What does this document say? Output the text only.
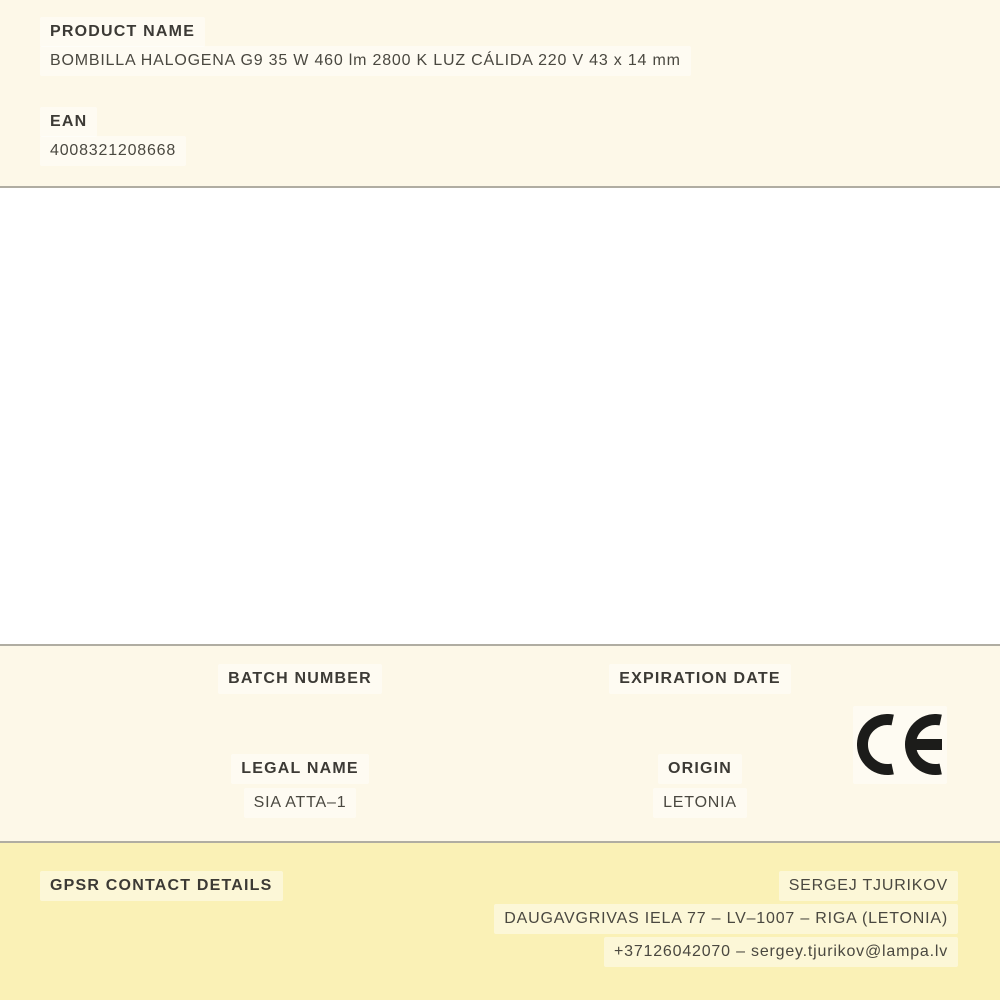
PRODUCT NAME
BOMBILLA HALOGENA G9 35 W 460 lm 2800 K LUZ CÁLIDA 220 V 43 x 14 mm
EAN
4008321208668
BATCH NUMBER	EXPIRATION DATE
LEGAL NAME
SIA ATTA–1
ORIGIN
LETONIA
GPSR CONTACT DETAILS	SERGEJ TJURIKOV
DAUGAVGRIVAS IELA 77 – LV–1007 – RIGA (LETONIA)
+37126042070 – sergey.tjurikov@lampa.lv
